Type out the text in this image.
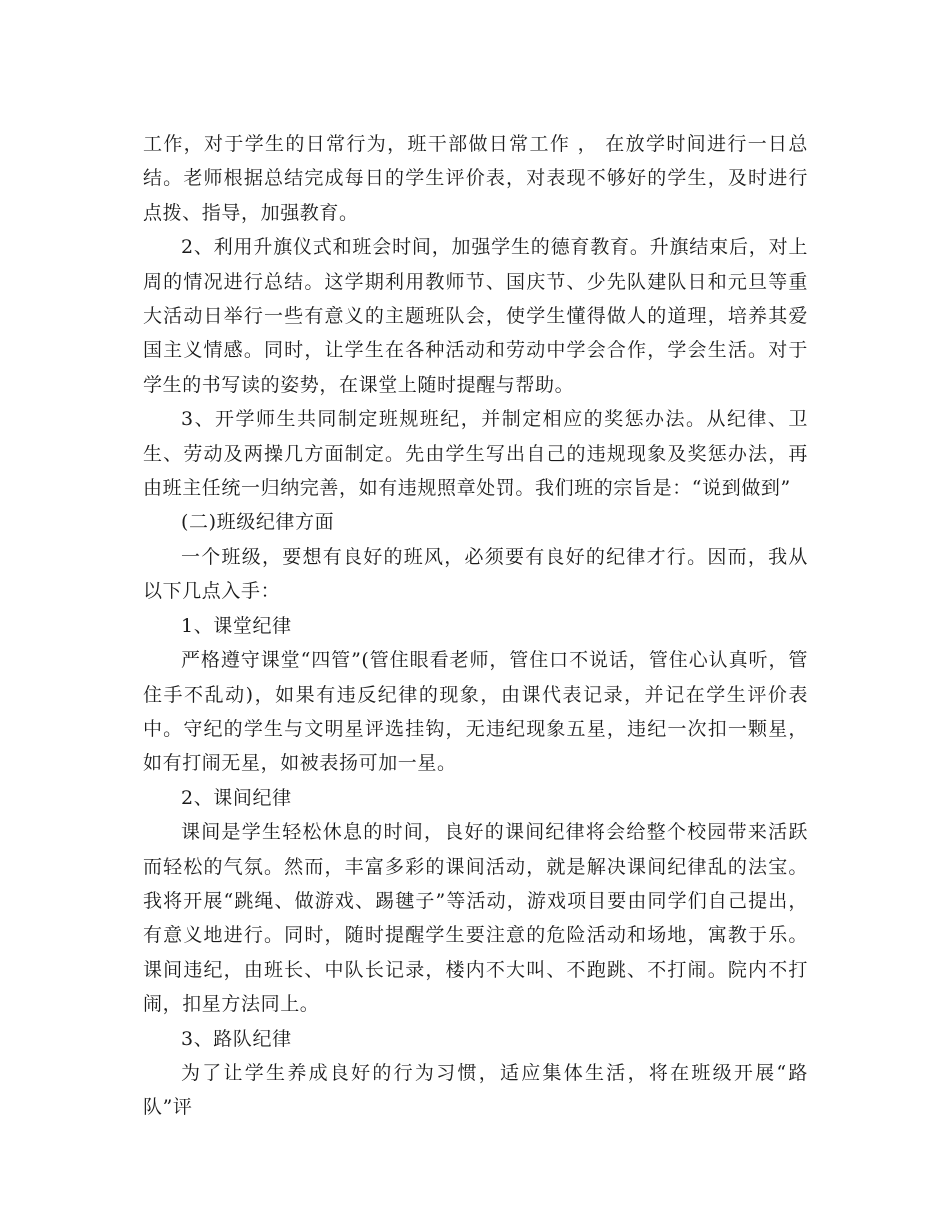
工作，对于学生的日常行为，班干部做日常工作 ， 在放学时间进行一日总结。老师根据总结完成每日的学生评价表，对表现不够好的学生，及时进行点拨、指导，加强教育。

2、利用升旗仪式和班会时间，加强学生的德育教育。升旗结束后，对上周的情况进行总结。这学期利用教师节、国庆节、少先队建队日和元旦等重大活动日举行一些有意义的主题班队会，使学生懂得做人的道理，培养其爱国主义情感。同时，让学生在各种活动和劳动中学会合作，学会生活。对于学生的书写读的姿势，在课堂上随时提醒与帮助。

3、开学师生共同制定班规班纪，并制定相应的奖惩办法。从纪律、卫生、劳动及两操几方面制定。先由学生写出自己的违规现象及奖惩办法，再由班主任统一归纳完善，如有违规照章处罚。我们班的宗旨是：“说到做到”

(二)班级纪律方面

一个班级，要想有良好的班风，必须要有良好的纪律才行。因而，我从以下几点入手：

1、课堂纪律

严格遵守课堂“四管”(管住眼看老师，管住口不说话，管住心认真听，管住手不乱动)，如果有违反纪律的现象，由课代表记录，并记在学生评价表中。守纪的学生与文明星评选挂钩，无违纪现象五星，违纪一次扣一颗星，如有打闹无星，如被表扬可加一星。

2、课间纪律

课间是学生轻松休息的时间，良好的课间纪律将会给整个校园带来活跃而轻松的气氛。然而，丰富多彩的课间活动，就是解决课间纪律乱的法宝。我将开展“跳绳、做游戏、踢毽子”等活动，游戏项目要由同学们自己提出，有意义地进行。同时，随时提醒学生要注意的危险活动和场地，寓教于乐。课间违纪，由班长、中队长记录，楼内不大叫、不跑跳、不打闹。院内不打闹，扣星方法同上。

3、路队纪律

为了让学生养成良好的行为习惯，适应集体生活，将在班级开展“路队”评
